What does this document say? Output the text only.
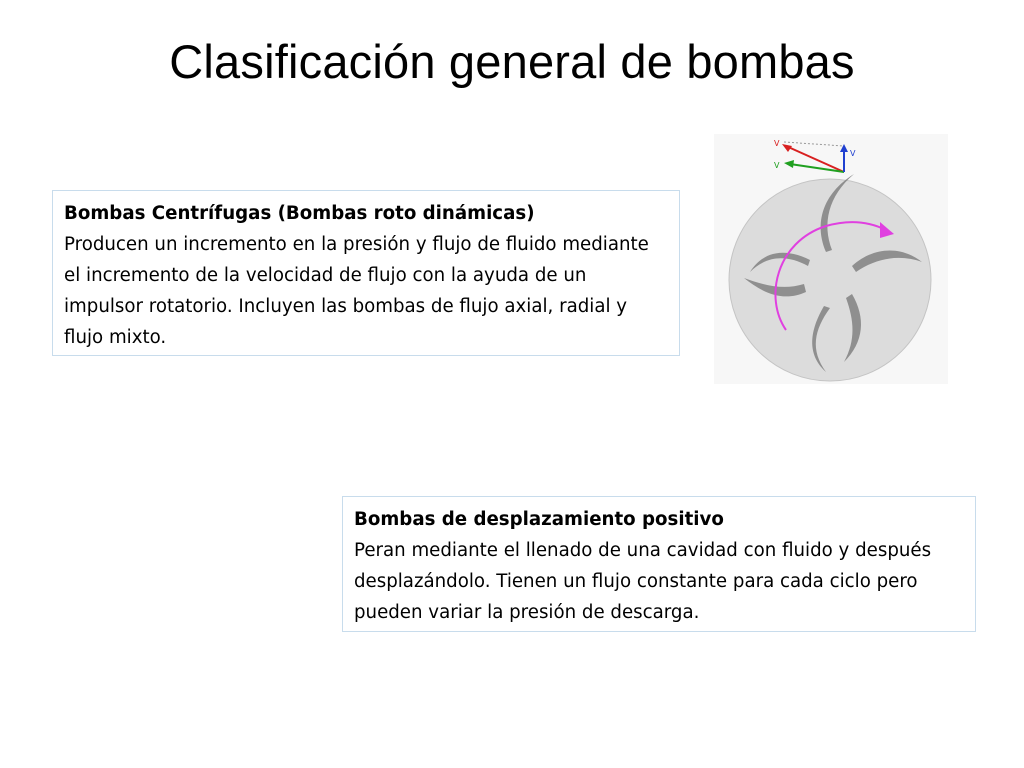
Clasificación general de bombas
Bombas Centrífugas (Bombas roto dinámicas)
Producen un incremento en la presión y flujo de fluido mediante el incremento de la velocidad de flujo con la ayuda de un impulsor rotatorio. Incluyen las bombas de flujo axial, radial y flujo mixto.
V
V
V
Bombas de desplazamiento positivo
Peran mediante el llenado de una cavidad con fluido y después desplazándolo. Tienen un flujo constante para cada ciclo pero pueden variar la presión de descarga.
